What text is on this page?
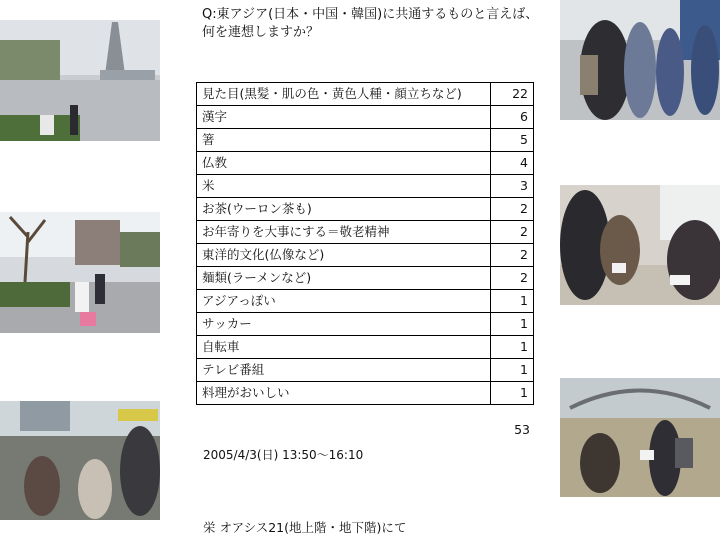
Q:東アジア(日本・中国・韓国)に共通するものと言えば、
何を連想しますか？
見た目(黒髪・肌の色・黄色人種・顔立ちなど)	22
漢字	6
箸	5
仏教	4
米	3
お茶(ウーロン茶も)	2
お年寄りを大事にする＝敬老精神	2
東洋的文化(仏像など)	2
麺類(ラーメンなど)	2
アジアっぽい	1
サッカー	1
自転車	1
テレビ番組	1
料理がおいしい	1
53
2005/4/3(日) 13:50〜16:10
栄 オアシス21(地上階・地下階)にて
